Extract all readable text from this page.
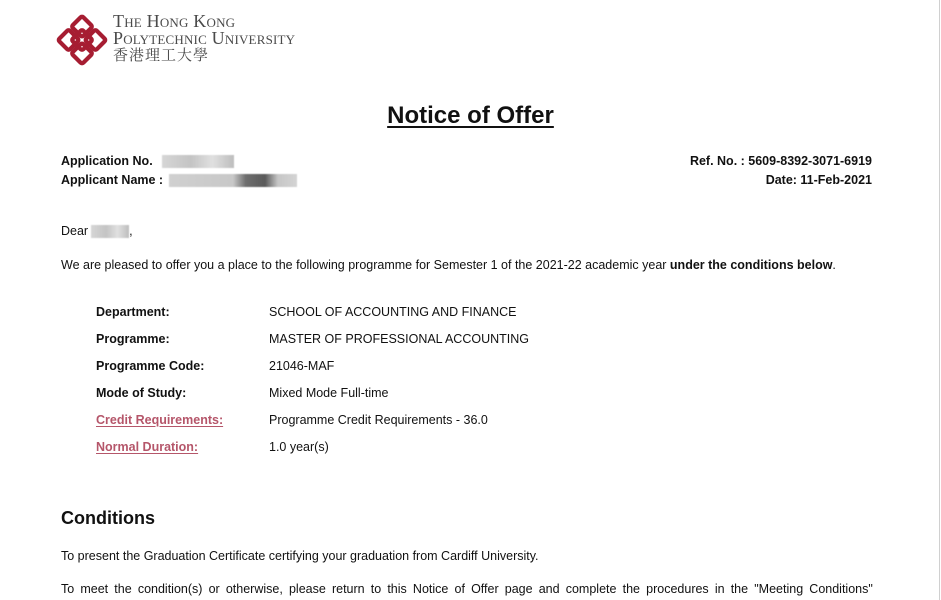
The Hong Kong
Polytechnic University
香港理工大學
Notice of Offer
Application No.
Applicant Name :
Ref. No. : 5609-8392-3071-6919
Date: 11-Feb-2021
Dear	,
We are pleased to offer you a place to the following programme for Semester 1 of the 2021-22 academic year under the conditions below.
Department:	SCHOOL OF ACCOUNTING AND FINANCE
Programme:	MASTER OF PROFESSIONAL ACCOUNTING
Programme Code:	21046-MAF
Mode of Study:	Mixed Mode Full-time
Credit Requirements:	Programme Credit Requirements - 36.0
Normal Duration:	1.0 year(s)
Conditions
To present the Graduation Certificate certifying your graduation from Cardiff University.
To meet the condition(s) or otherwise, please return to this Notice of Offer page and complete the procedures in the "Meeting Conditions"
